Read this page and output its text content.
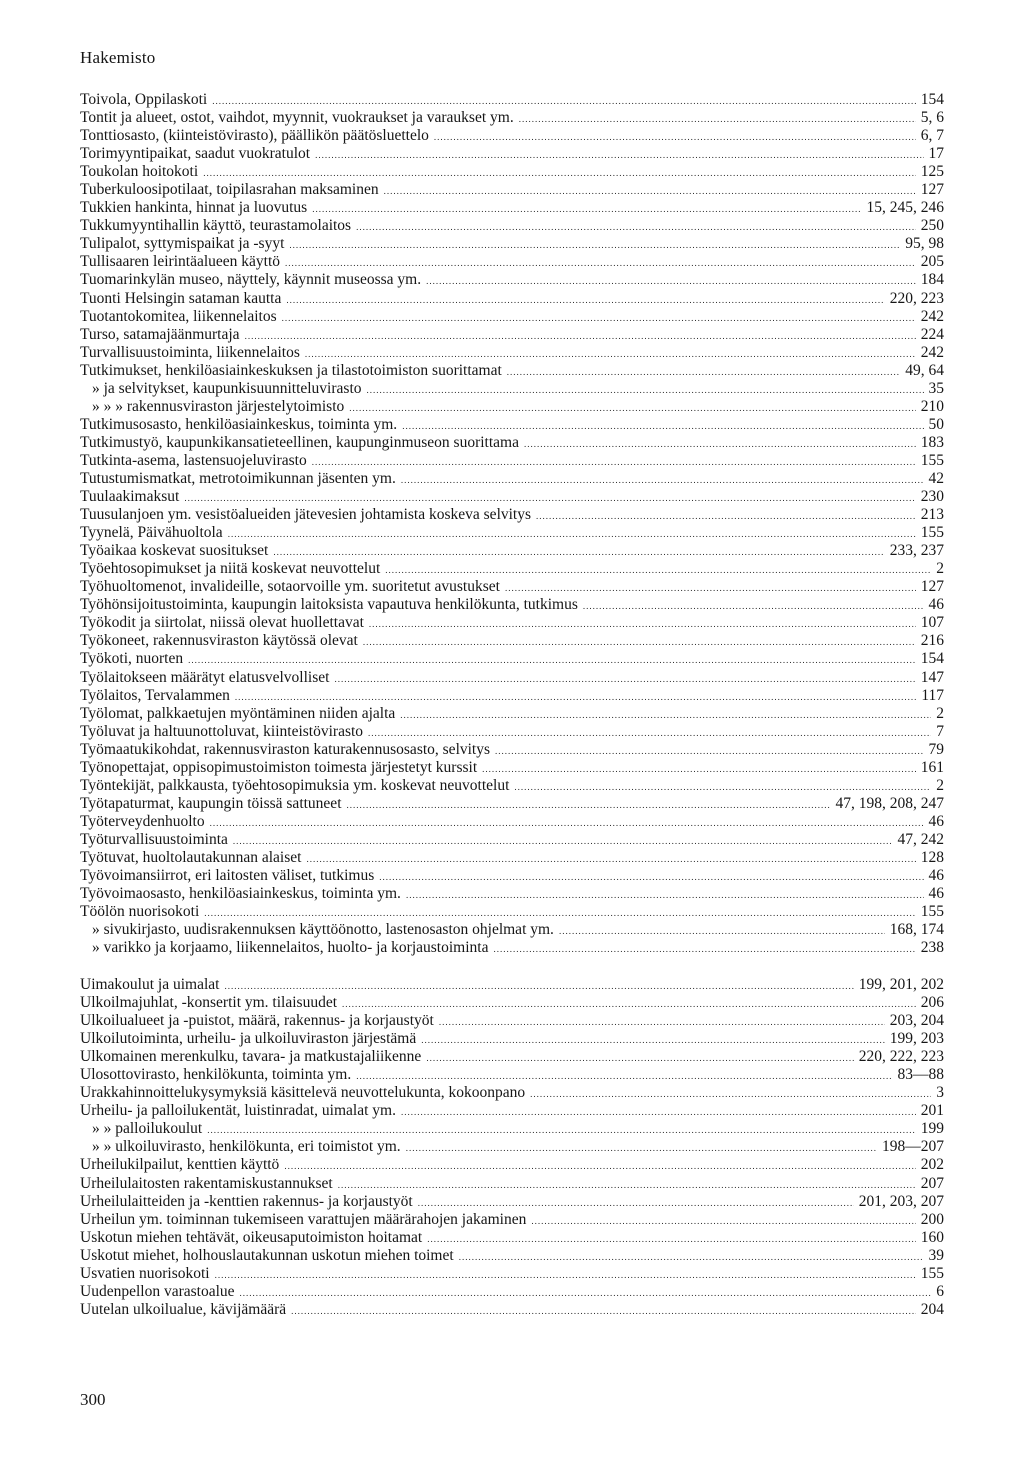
Hakemisto
Toivola, Oppilaskoti .....	154
Tontit ja alueet, ostot, vaihdot, myynnit, vuokraukset ja varaukset ym. .....	5, 6
Tonttiosasto, (kiinteistövirasto), päällikön päätösluettelo .....	6, 7
Torimyyntipaikat, saadut vuokratulot .....	17
Toukolan hoitokoti .....	125
Tuberkuloosipotilaat, toipilasrahan maksaminen .....	127
Tukkien hankinta, hinnat ja luovutus .....	15, 245, 246
Tukkumyyntihallin käyttö, teurastamolaitos .....	250
Tulipalot, syttymispaikat ja -syyt .....	95, 98
Tullisaaren leirintäalueen käyttö .....	205
Tuomarinkylän museo, näyttely, käynnit museossa ym. .....	184
Tuonti Helsingin sataman kautta .....	220, 223
Tuotantokomitea, liikennelaitos .....	242
Turso, satamajäänmurtaja .....	224
Turvallisuustoiminta, liikennelaitos .....	242
Tutkimukset, henkilöasiainkeskuksen ja tilastotoimiston suorittamat .....	49, 64
» ja selvitykset, kaupunkisuunnitteluvirasto .....	35
» » » rakennusviraston järjestelytoimisto .....	210
Tutkimusosasto, henkilöasiainkeskus, toiminta ym. .....	50
Tutkimustyö, kaupunkikansatieteellinen, kaupunginmuseon suorittama .....	183
Tutkinta-asema, lastensuojeluvirasto .....	155
Tutustumismatkat, metrotoimikunnan jäsenten ym. .....	42
Tuulaakimaksut .....	230
Tuusulanjoen ym. vesistöalueiden jätevesien johtamista koskeva selvitys .....	213
Tyynelä, Päivähuoltola .....	155
Työaikaa koskevat suositukset .....	233, 237
Työehtosopimukset ja niitä koskevat neuvottelut .....	2
Työhuoltomenot, invalideille, sotaorvoille ym. suoritetut avustukset .....	127
Työhönsijoitustoiminta, kaupungin laitoksista vapautuva henkilökunta, tutkimus .....	46
Työkodit ja siirtolat, niissä olevat huollettavat .....	107
Työkoneet, rakennusviraston käytössä olevat .....	216
Työkoti, nuorten .....	154
Työlaitokseen määrätyt elatusvelvolliset .....	147
Työlaitos, Tervalammen .....	117
Työlomat, palkkaetujen myöntäminen niiden ajalta .....	2
Työluvat ja haltuunottoluvat, kiinteistövirasto .....	7
Työmaatukikohdat, rakennusviraston katurakennusosasto, selvitys .....	79
Työnopettajat, oppisopimustoimiston toimesta järjestetyt kurssit .....	161
Työntekijät, palkkausta, työehtosopimuksia ym. koskevat neuvottelut .....	2
Työtapaturmat, kaupungin töissä sattuneet .....	47, 198, 208, 247
Työterveydenhuolto .....	46
Työturvallisuustoiminta .....	47, 242
Työtuvat, huoltolautakunnan alaiset .....	128
Työvoimansiirrot, eri laitosten väliset, tutkimus .....	46
Työvoimaosasto, henkilöasiainkeskus, toiminta ym. .....	46
Töölön nuorisokoti .....	155
» sivukirjasto, uudisrakennuksen käyttöönotto, lastenosaston ohjelmat ym. .....	168, 174
» varikko ja korjaamo, liikennelaitos, huolto- ja korjaustoiminta .....	238
Uimakoulut ja uimalat .....	199, 201, 202
Ulkoilmajuhlat, -konsertit ym. tilaisuudet .....	206
Ulkoilualueet ja -puistot, määrä, rakennus- ja korjaustyöt .....	203, 204
Ulkoilutoiminta, urheilu- ja ulkoiluviraston järjestämä .....	199, 203
Ulkomainen merenkulku, tavara- ja matkustajaliikenne .....	220, 222, 223
Ulosottovirasto, henkilökunta, toiminta ym. .....	83—88
Urakkahinnoittelukysymyksiä käsittelevä neuvottelukunta, kokoonpano .....	3
Urheilu- ja palloilukentät, luistinradat, uimalat ym. .....	201
» » palloilukoulut .....	199
» » ulkoiluvirasto, henkilökunta, eri toimistot ym. .....	198—207
Urheilukilpailut, kenttien käyttö .....	202
Urheilulaitosten rakentamiskustannukset .....	207
Urheilulaitteiden ja -kenttien rakennus- ja korjaustyöt .....	201, 203, 207
Urheilun ym. toiminnan tukemiseen varattujen määrärahojen jakaminen .....	200
Uskotun miehen tehtävät, oikeusaputoimiston hoitamat .....	160
Uskotut miehet, holhouslautakunnan uskotun miehen toimet .....	39
Usvatien nuorisokoti .....	155
Uudenpellon varastoalue .....	6
Uutelan ulkoilualue, kävijämäärä .....	204
300
